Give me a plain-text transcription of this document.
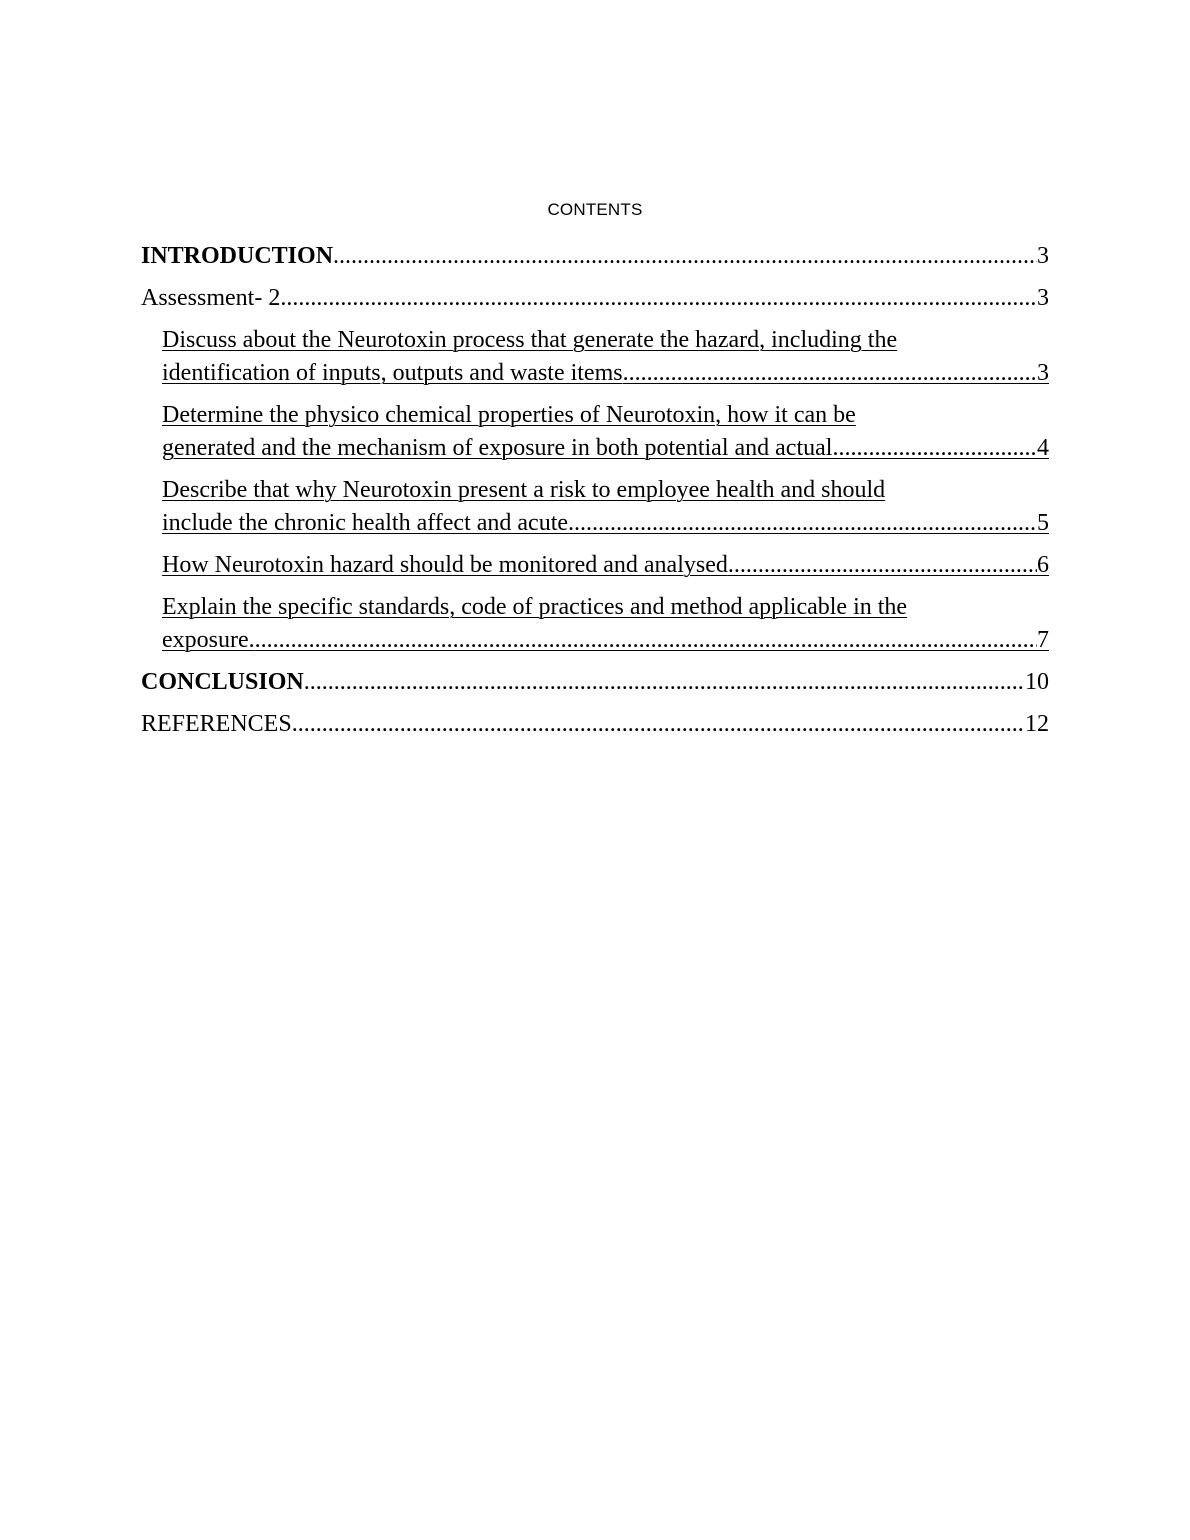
CONTENTS
INTRODUCTION .....	3
Assessment- 2 .....	3
Discuss about the Neurotoxin process that generate the hazard, including the
identification of inputs, outputs and waste items .....	3
Determine the physico chemical properties of Neurotoxin, how it can be
generated and the mechanism of exposure in both potential and actual .....	4
Describe that why Neurotoxin present a risk to employee health and should
include the chronic health affect and acute .....	5
How Neurotoxin hazard should be monitored and analysed .....	6
Explain the specific standards, code of practices and method applicable in the
exposure. .....	7
CONCLUSION .....	10
REFERENCES .....	12
